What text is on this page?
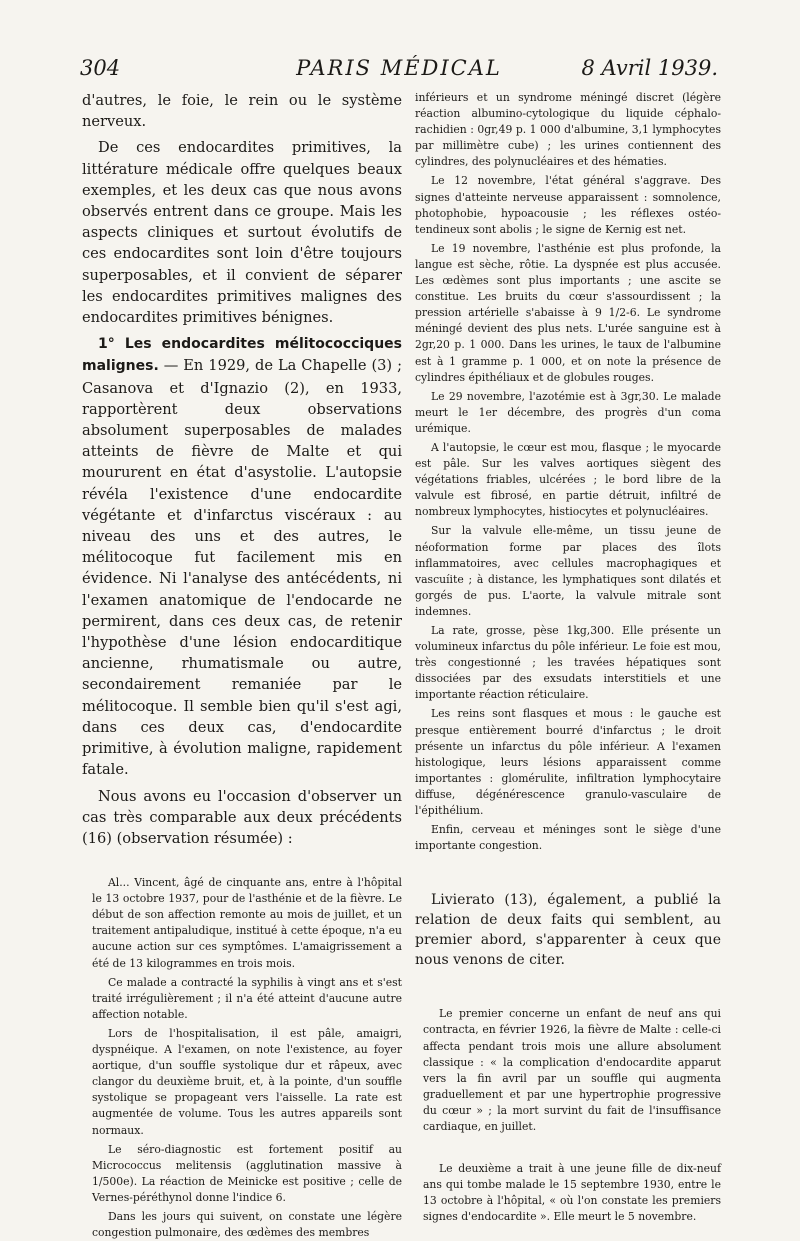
304	PARIS MÉDICAL	8 Avril 1939.

d'autres, le foie, le rein ou le système nerveux.

De ces endocardites primitives, la littérature médicale offre quelques beaux exemples, et les deux cas que nous avons observés entrent dans ce groupe. Mais les aspects cliniques et surtout évolutifs de ces endocardites sont loin d'être toujours superposables, et il convient de séparer les endocardites primitives malignes des endocardites primitives bénignes.

1° Les endocardites mélitococciques malignes. — En 1929, de La Chapelle (3) ; Casanova et d'Ignazio (2), en 1933, rapportèrent deux observations absolument superposables de malades atteints de fièvre de Malte et qui moururent en état d'asystolie. L'autopsie révéla l'existence d'une endocardite végétante et d'infarctus viscéraux : au niveau des uns et des autres, le mélitocoque fut facilement mis en évidence. Ni l'analyse des antécédents, ni l'examen anatomique de l'endocarde ne permirent, dans ces deux cas, de retenir l'hypothèse d'une lésion endocarditique ancienne, rhumatismale ou autre, secondairement remaniée par le mélitocoque. Il semble bien qu'il s'est agi, dans ces deux cas, d'endocardite primitive, à évolution maligne, rapidement fatale.

Nous avons eu l'occasion d'observer un cas très comparable aux deux précédents (16) (observation résumée) :

Al... Vincent, âgé de cinquante ans, entre à l'hôpital le 13 octobre 1937, pour de l'asthénie et de la fièvre. Le début de son affection remonte au mois de juillet, et un traitement antipaludique, institué à cette époque, n'a eu aucune action sur ces symptômes. L'amaigrissement a été de 13 kilogrammes en trois mois.

Ce malade a contracté la syphilis à vingt ans et s'est traité irrégulièrement ; il n'a été atteint d'aucune autre affection notable.

Lors de l'hospitalisation, il est pâle, amaigri, dyspnéique. A l'examen, on note l'existence, au foyer aortique, d'un souffle systolique dur et râpeux, avec clangor du deuxième bruit, et, à la pointe, d'un souffle systolique se propageant vers l'aisselle. La rate est augmentée de volume. Tous les autres appareils sont normaux.

Le séro-diagnostic est fortement positif au Micrococcus melitensis (agglutination massive à 1/500e). La réaction de Meinicke est positive ; celle de Vernes-péréthynol donne l'indice 6.

Dans les jours qui suivent, on constate une légère congestion pulmonaire, des œdèmes des membres

inférieurs et un syndrome méningé discret (légère réaction albumino-cytologique du liquide céphalo-rachidien : 0gr,49 p. 1 000 d'albumine, 3,1 lymphocytes par millimètre cube) ; les urines contiennent des cylindres, des polynucléaires et des hématies.

Le 12 novembre, l'état général s'aggrave. Des signes d'atteinte nerveuse apparaissent : somnolence, photophobie, hypoacousie ; les réflexes ostéo-tendineux sont abolis ; le signe de Kernig est net.

Le 19 novembre, l'asthénie est plus profonde, la langue est sèche, rôtie. La dyspnée est plus accusée. Les œdèmes sont plus importants ; une ascite se constitue. Les bruits du cœur s'assourdissent ; la pression artérielle s'abaisse à 9 1/2-6. Le syndrome méningé devient des plus nets. L'urée sanguine est à 2gr,20 p. 1 000. Dans les urines, le taux de l'albumine est à 1 gramme p. 1 000, et on note la présence de cylindres épithéliaux et de globules rouges.

Le 29 novembre, l'azotémie est à 3gr,30. Le malade meurt le 1er décembre, des progrès d'un coma urémique.

A l'autopsie, le cœur est mou, flasque ; le myocarde est pâle. Sur les valves aortiques siègent des végétations friables, ulcérées ; le bord libre de la valvule est fibrosé, en partie détruit, infiltré de nombreux lymphocytes, histiocytes et polynucléaires.

Sur la valvule elle-même, un tissu jeune de néoformation forme par places des îlots inflammatoires, avec cellules macrophagiques et vascuíite ; à distance, les lymphatiques sont dilatés et gorgés de pus. L'aorte, la valvule mitrale sont indemnes.

La rate, grosse, pèse 1kg,300. Elle présente un volumineux infarctus du pôle inférieur. Le foie est mou, très congestionné ; les travées hépatiques sont dissociées par des exsudats interstitiels et une importante réaction réticulaire.

Les reins sont flasques et mous : le gauche est presque entièrement bourré d'infarctus ; le droit présente un infarctus du pôle inférieur. A l'examen histologique, leurs lésions apparaissent comme importantes : glomérulite, infiltration lymphocytaire diffuse, dégénérescence granulo-vasculaire de l'épithélium.

Enfin, cerveau et méninges sont le siège d'une importante congestion.

Livierato (13), également, a publié la relation de deux faits qui semblent, au premier abord, s'apparenter à ceux que nous venons de citer.

Le premier concerne un enfant de neuf ans qui contracta, en février 1926, la fièvre de Malte : celle-ci affecta pendant trois mois une allure absolument classique : « la complication d'endocardite apparut vers la fin avril par un souffle qui augmenta graduellement et par une hypertrophie progressive du cœur » ; la mort survint du fait de l'insuffisance cardiaque, en juillet.

Le deuxième a trait à une jeune fille de dix-neuf ans qui tombe malade le 15 septembre 1930, entre le 13 octobre à l'hôpital, « où l'on constate les premiers signes d'endocardite ». Elle meurt le 5 novembre.
